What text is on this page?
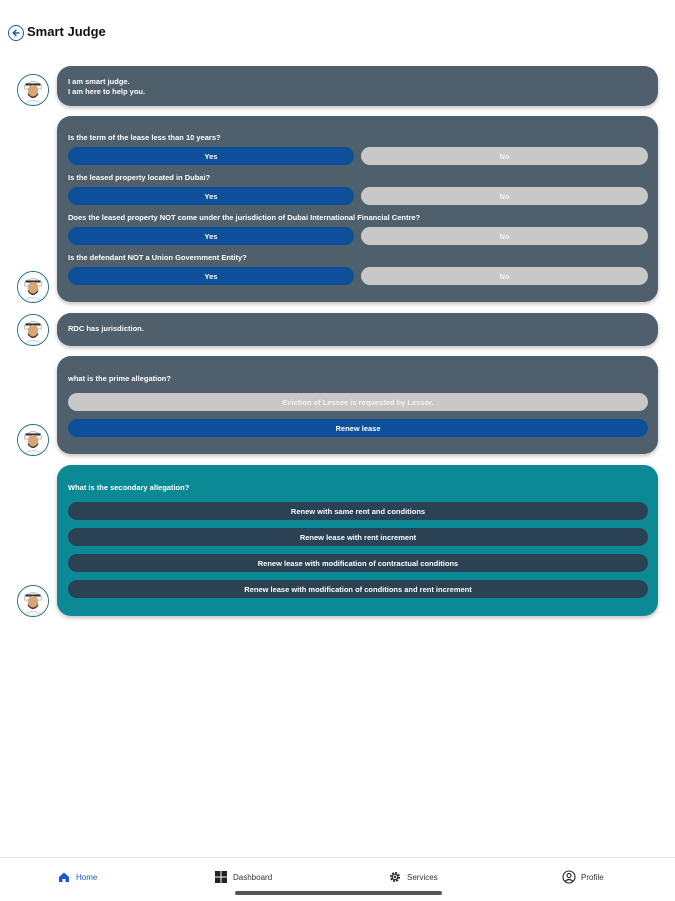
Smart Judge
I am smart judge.
I am here to help you.
Is the term of the lease less than 10 years?
Yes	No
Is the leased property located in Dubai?
Yes	No
Does the leased property NOT come under the jurisdiction of Dubai International Financial Centre?
Yes	No
Is the defendant NOT a Union Government Entity?
Yes	No
RDC has jurisdiction.
what is the prime allegation?
Eviction of Lessee is requested by Lessor.
Renew lease
What is the secondary allegation?
Renew with same rent and conditions
Renew lease with rent increment
Renew lease with modification of contractual conditions
Renew lease with modification of conditions and rent increment
Home	Dashboard	Services	Profile
